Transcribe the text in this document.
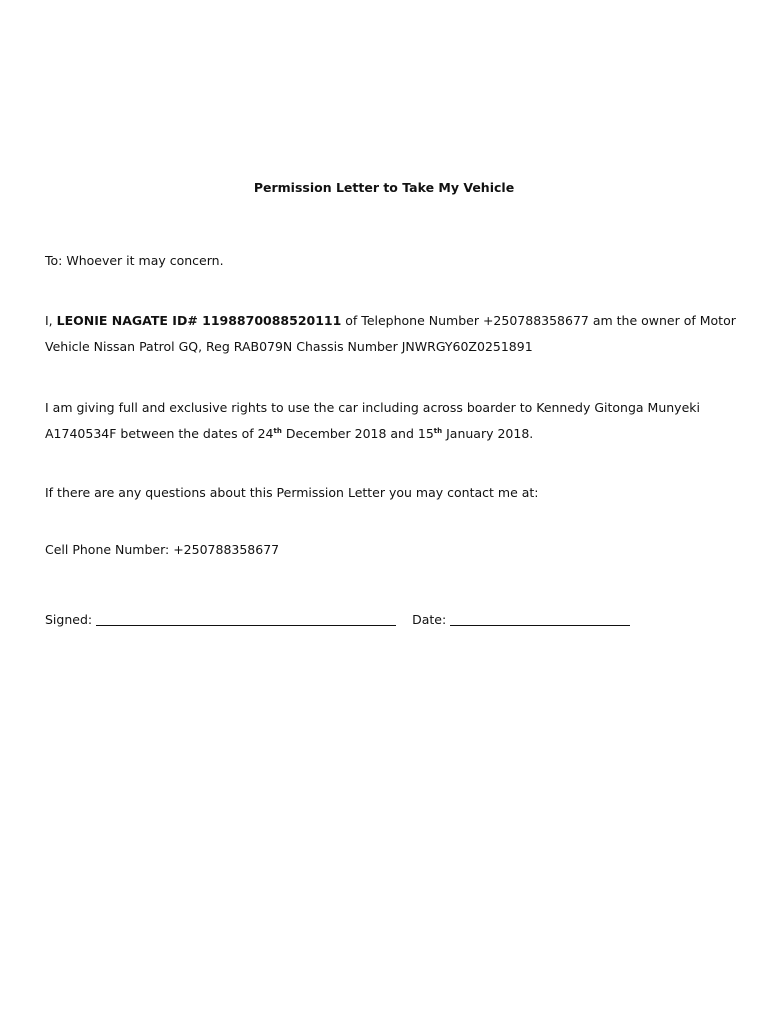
Permission Letter to Take My Vehicle
To: Whoever it may concern.
I, LEONIE NAGATE ID# 1198870088520111 of Telephone Number +250788358677 am the owner of Motor
Vehicle Nissan Patrol GQ, Reg RAB079N Chassis Number JNWRGY60Z0251891
I am giving full and exclusive rights to use the car including across boarder to Kennedy Gitonga Munyeki
A1740534F between the dates of 24th December 2018 and 15th January 2018.
If there are any questions about this Permission Letter you may contact me at:
Cell Phone Number: +250788358677
Signed:	Date:
